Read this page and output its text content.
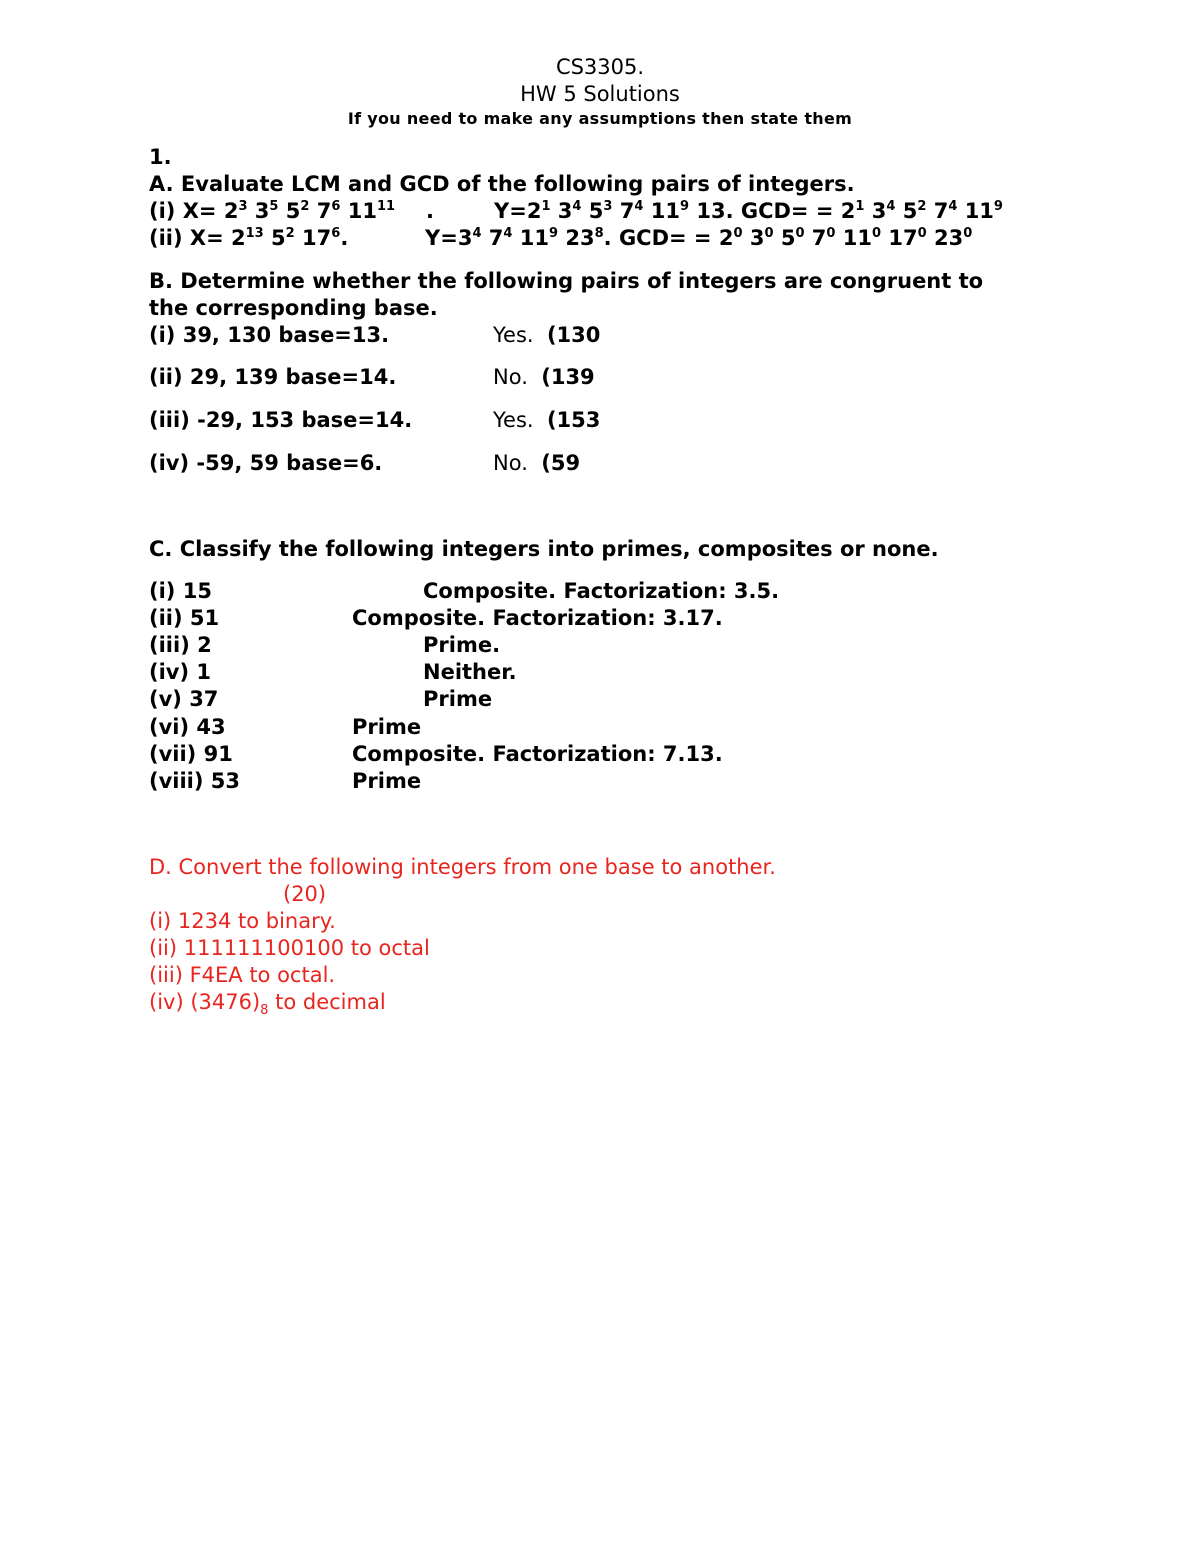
CS3305.
HW 5 Solutions
If you need to make any assumptions then state them
1.
A. Evaluate LCM and GCD of the following pairs of integers.
(i) $X= 2^3$ $3^5$ $5^2$ $7^6$ $11^{11}$ .	$Y=2^1$ $3^4$ $5^3$ $7^4$ $11^9$ 13. $GCD= = 2^1$ $3^4$ $5^2$ $7^4$ $11^9$
(ii) $X= 2^{13}$ $5^2$ $17^6$.	$Y=3^4$ $7^4$ $11^9$ $23^8$. $GCD= = 2^0$ $3^0$ $5^0$ $7^0$ $11^0$ $17^0$ $23^0$
B. Determine whether the following pairs of integers are congruent to
the corresponding base.
(i) 39, 130 base=13.	Yes. (130
(ii) 29, 139 base=14.	No. (139
(iii) -29, 153 base=14.	Yes. (153
(iv) -59, 59 base=6.	No. (59
C. Classify the following integers into primes, composites or none.
(i) 15	Composite. Factorization: 3.5.
(ii) 51	Composite. Factorization: 3.17.
(iii) 2	Prime.
(iv) 1	Neither.
(v) 37	Prime
(vi) 43	Prime
(vii) 91	Composite. Factorization: 7.13.
(viii) 53	Prime
D. Convert the following integers from one base to another.
(20)
(i) 1234 to binary.
(ii) 111111100100 to octal
(iii) F4EA to octal.
(iv) $(3476)_8$ to decimal
